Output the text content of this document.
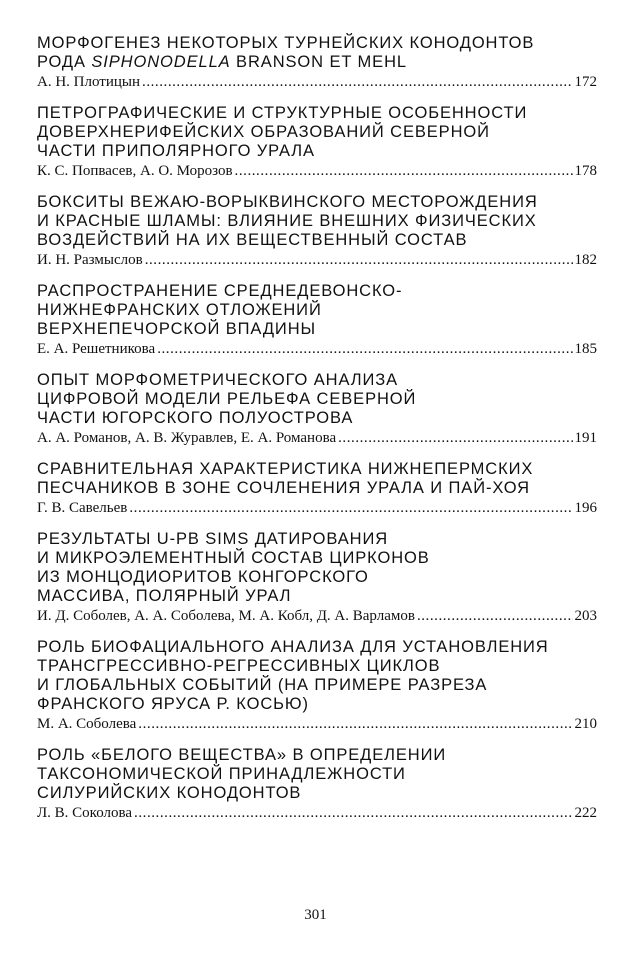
МОРФОГЕНЕЗ НЕКОТОРЫХ ТУРНЕЙСКИХ КОНОДОНТОВ
РОДА SIPHONODELLA BRANSON ET MEHL
А. Н. Плотицын . . .	172
ПЕТРОГРАФИЧЕСКИЕ И СТРУКТУРНЫЕ ОСОБЕННОСТИ
ДОВЕРХНЕРИФЕЙСКИХ ОБРАЗОВАНИЙ СЕВЕРНОЙ
ЧАСТИ ПРИПОЛЯРНОГО УРАЛА
К. С. Попвасев, А. О. Морозов . . .	178
БОКСИТЫ ВЕЖАЮ-ВОРЫКВИНСКОГО МЕСТОРОЖДЕНИЯ
И КРАСНЫЕ ШЛАМЫ: ВЛИЯНИЕ ВНЕШНИХ ФИЗИЧЕСКИХ
ВОЗДЕЙСТВИЙ НА ИХ ВЕЩЕСТВЕННЫЙ СОСТАВ
И. Н. Размыслов . . .	182
РАСПРОСТРАНЕНИЕ СРЕДНЕДЕВОНСКО-
НИЖНЕФРАНСКИХ ОТЛОЖЕНИЙ
ВЕРХНЕПЕЧОРСКОЙ ВПАДИНЫ
Е. А. Решетникова . . .	185
ОПЫТ МОРФОМЕТРИЧЕСКОГО АНАЛИЗА
ЦИФРОВОЙ МОДЕЛИ РЕЛЬЕФА СЕВЕРНОЙ
ЧАСТИ ЮГОРСКОГО ПОЛУОСТРОВА
А. А. Романов, А. В. Журавлев, Е. А. Романова . . .	191
СРАВНИТЕЛЬНАЯ ХАРАКТЕРИСТИКА НИЖНЕПЕРМСКИХ
ПЕСЧАНИКОВ В ЗОНЕ СОЧЛЕНЕНИЯ УРАЛА И ПАЙ-ХОЯ
Г. В. Савельев . . .	196
РЕЗУЛЬТАТЫ U-PB SIMS ДАТИРОВАНИЯ
И МИКРОЭЛЕМЕНТНЫЙ СОСТАВ ЦИРКОНОВ
ИЗ МОНЦОДИОРИТОВ КОНГОРСКОГО
МАССИВА, ПОЛЯРНЫЙ УРАЛ
И. Д. Соболев, А. А. Соболева, М. А. Кобл, Д. А. Варламов . . .	203
РОЛЬ БИОФАЦИАЛЬНОГО АНАЛИЗА ДЛЯ УСТАНОВЛЕНИЯ
ТРАНСГРЕССИВНО-РЕГРЕССИВНЫХ ЦИКЛОВ
И ГЛОБАЛЬНЫХ СОБЫТИЙ (НА ПРИМЕРЕ РАЗРЕЗА
ФРАНСКОГО ЯРУСА Р. КОСЬЮ)
М. А. Соболева . . .	210
РОЛЬ «БЕЛОГО ВЕЩЕСТВА» В ОПРЕДЕЛЕНИИ
ТАКСОНОМИЧЕСКОЙ ПРИНАДЛЕЖНОСТИ
СИЛУРИЙСКИХ КОНОДОНТОВ
Л. В. Соколова . . .	222
301
